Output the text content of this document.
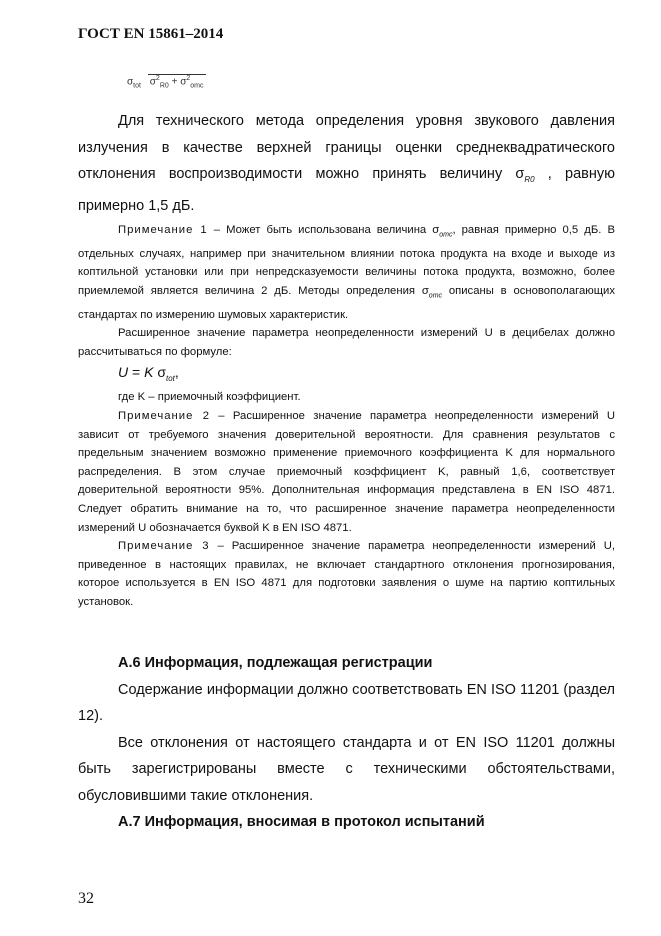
ГОСТ EN 15861–2014
$\sigma_{tot}$ $\sigma^2_{R0} + \sigma^2_{omc}$

Для технического метода определения уровня звукового давления излучения в качестве верхней границы оценки среднеквадратического отклонения воспроизводимости можно принять величину $\sigma_{R0}$ , равную примерно 1,5 дБ.

Примечание 1 – Может быть использована величина $\sigma_{omc}$, равная примерно 0,5 дБ. В отдельных случаях, например при значительном влиянии потока продукта на входе и выходе из коптильной установки или при непредсказуемости величины потока продукта, возможно, более приемлемой является величина 2 дБ. Методы определения $\sigma_{omc}$ описаны в основополагающих стандартах по измерению шумовых характеристик.

Расширенное значение параметра неопределенности измерений U в децибелах должно рассчитываться по формуле:

U = K $\sigma_{tot}$,

где K – приемочный коэффициент.

Примечание 2 – Расширенное значение параметра неопределенности измерений U зависит от требуемого значения доверительной вероятности. Для сравнения результатов с предельным значением возможно применение приемочного коэффициента K для нормального распределения. В этом случае приемочный коэффициент K, равный 1,6, соответствует доверительной вероятности 95%. Дополнительная информация представлена в EN ISO 4871. Следует обратить внимание на то, что расширенное значение параметра неопределенности измерений U обозначается буквой K в EN ISO 4871.

Примечание 3 – Расширенное значение параметра неопределенности измерений U, приведенное в настоящих правилах, не включает стандартного отклонения прогнозирования, которое используется в EN ISO 4871 для подготовки заявления о шуме на партию коптильных установок.

А.6 Информация, подлежащая регистрации

Содержание информации должно соответствовать EN ISO 11201 (раздел 12).

Все отклонения от настоящего стандарта и от EN ISO 11201 должны быть зарегистрированы вместе с техническими обстоятельствами, обусловившими такие отклонения.

А.7 Информация, вносимая в протокол испытаний

32
